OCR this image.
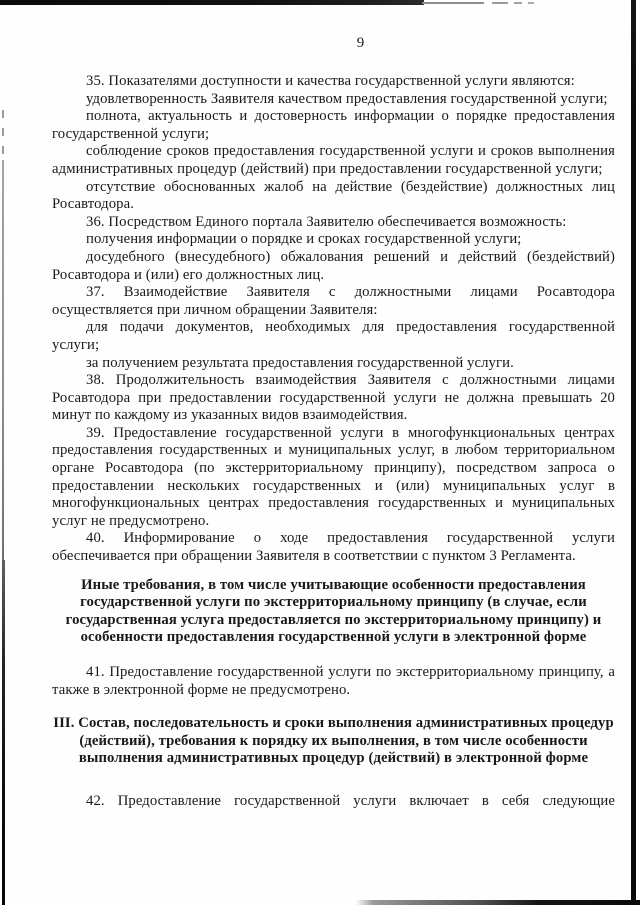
9

35. Показателями доступности и качества государственной услуги являются:

удовлетворенность Заявителя качеством предоставления государственной услуги;

полнота, актуальность и достоверность информации о порядке предоставления государственной услуги;

соблюдение сроков предоставления государственной услуги и сроков выполнения административных процедур (действий) при предоставлении государственной услуги;

отсутствие обоснованных жалоб на действие (бездействие) должностных лиц Росавтодора.

36. Посредством Единого портала Заявителю обеспечивается возможность:

получения информации о порядке и сроках государственной услуги;

досудебного (внесудебного) обжалования решений и действий (бездействий) Росавтодора и (или) его должностных лиц.

37. Взаимодействие Заявителя с должностными лицами Росавтодора осуществляется при личном обращении Заявителя:

для подачи документов, необходимых для предоставления государственной услуги;

за получением результата предоставления государственной услуги.

38. Продолжительность взаимодействия Заявителя с должностными лицами Росавтодора при предоставлении государственной услуги не должна превышать 20 минут по каждому из указанных видов взаимодействия.

39. Предоставление государственной услуги в многофункциональных центрах предоставления государственных и муниципальных услуг, в любом территориальном органе Росавтодора (по экстерриториальному принципу), посредством запроса о предоставлении нескольких государственных и (или) муниципальных услуг в многофункциональных центрах предоставления государственных и муниципальных услуг не предусмотрено.

40. Информирование о ходе предоставления государственной услуги обеспечивается при обращении Заявителя в соответствии с пунктом 3 Регламента.

Иные требования, в том числе учитывающие особенности предоставления государственной услуги по экстерриториальному принципу (в случае, если государственная услуга предоставляется по экстерриториальному принципу) и особенности предоставления государственной услуги в электронной форме

41. Предоставление государственной услуги по экстерриториальному принципу, а также в электронной форме не предусмотрено.

III. Состав, последовательность и сроки выполнения административных процедур (действий), требования к порядку их выполнения, в том числе особенности выполнения административных процедур (действий) в электронной форме

42. Предоставление государственной услуги включает в себя следующие
